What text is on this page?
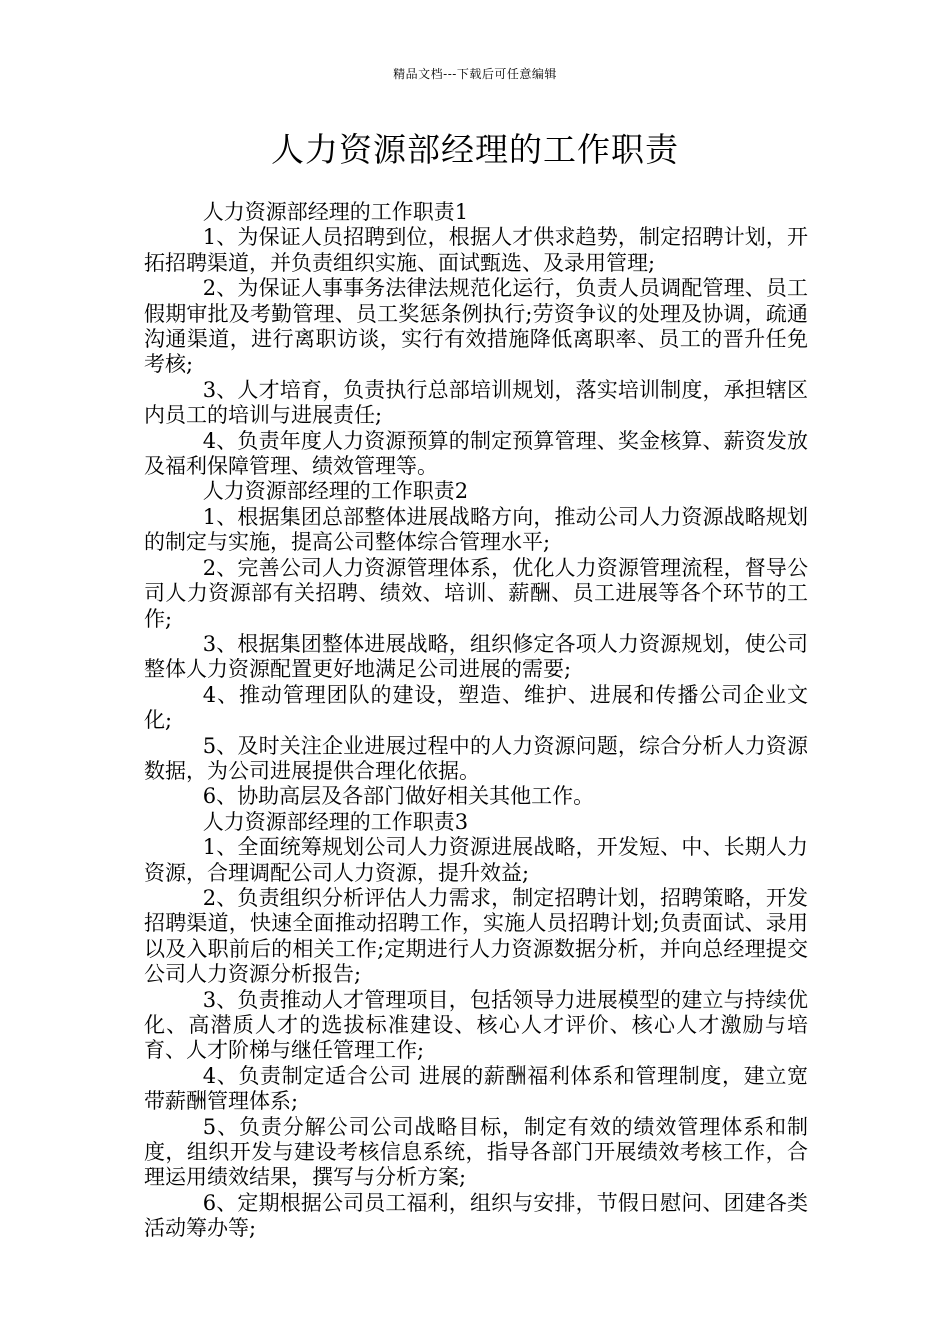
精品文档---下载后可任意编辑
人力资源部经理的工作职责

人力资源部经理的工作职责1

1、为保证人员招聘到位，根据人才供求趋势，制定招聘计划，开拓招聘渠道，并负责组织实施、面试甄选、及录用管理;

2、为保证人事事务法律法规范化运行，负责人员调配管理、员工假期审批及考勤管理、员工奖惩条例执行;劳资争议的处理及协调，疏通沟通渠道，进行离职访谈，实行有效措施降低离职率、员工的晋升任免考核;

3、人才培育，负责执行总部培训规划，落实培训制度，承担辖区内员工的培训与进展责任;

4、负责年度人力资源预算的制定预算管理、奖金核算、薪资发放及福利保障管理、绩效管理等。

人力资源部经理的工作职责2

1、根据集团总部整体进展战略方向，推动公司人力资源战略规划的制定与实施，提高公司整体综合管理水平;

2、完善公司人力资源管理体系，优化人力资源管理流程，督导公司人力资源部有关招聘、绩效、培训、薪酬、员工进展等各个环节的工作;

3、根据集团整体进展战略，组织修定各项人力资源规划，使公司整体人力资源配置更好地满足公司进展的需要;

4、推动管理团队的建设，塑造、维护、进展和传播公司企业文化;

5、及时关注企业进展过程中的人力资源问题，综合分析人力资源数据，为公司进展提供合理化依据。

6、协助高层及各部门做好相关其他工作。

人力资源部经理的工作职责3

1、全面统筹规划公司人力资源进展战略，开发短、中、长期人力资源，合理调配公司人力资源，提升效益;

2、负责组织分析评估人力需求，制定招聘计划，招聘策略，开发招聘渠道，快速全面推动招聘工作，实施人员招聘计划;负责面试、录用以及入职前后的相关工作;定期进行人力资源数据分析，并向总经理提交公司人力资源分析报告;

3、负责推动人才管理项目，包括领导力进展模型的建立与持续优化、高潜质人才的选拔标准建设、核心人才评价、核心人才激励与培育、人才阶梯与继任管理工作;

4、负责制定适合公司 进展的薪酬福利体系和管理制度，建立宽带薪酬管理体系;

5、负责分解公司公司战略目标，制定有效的绩效管理体系和制度，组织开发与建设考核信息系统，指导各部门开展绩效考核工作，合理运用绩效结果，撰写与分析方案;

6、定期根据公司员工福利，组织与安排，节假日慰问、团建各类活动筹办等;
